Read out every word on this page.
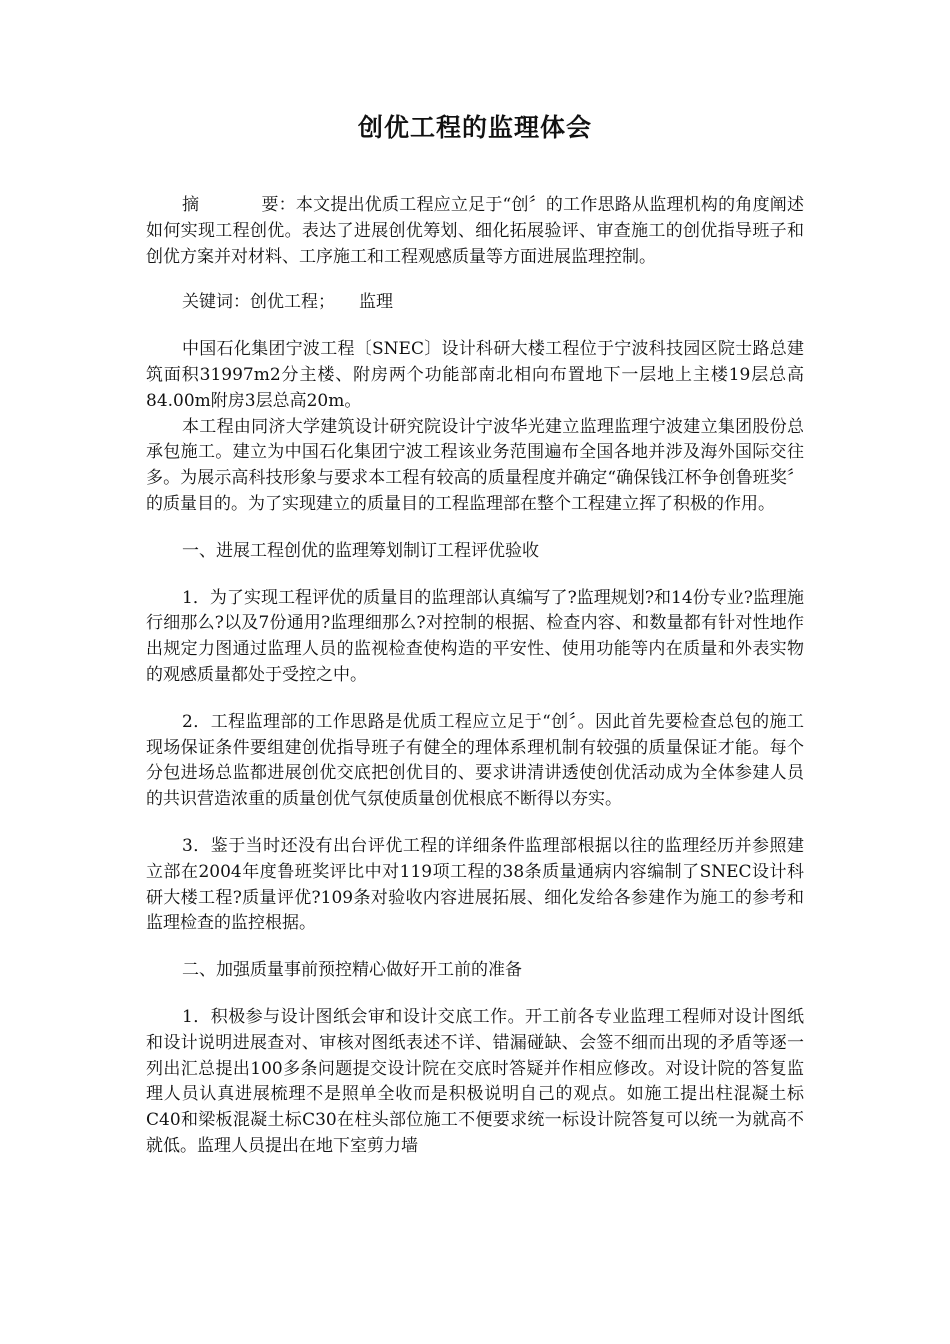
创优工程的监理体会

摘	要：本文提出优质工程应立足于“创〞的工作思路从监理机构的角度阐述如何实现工程创优。表达了进展创优筹划、细化拓展验评、审查施工的创优指导班子和创优方案并对材料、工序施工和工程观感质量等方面进展监理控制。

关键词：创优工程； 监理

中国石化集团宁波工程〔SNEC〕设计科研大楼工程位于宁波科技园区院士路总建筑面积31997m2分主楼、附房两个功能部南北相向布置地下一层地上主楼19层总高84.00m附房3层总高20m。

本工程由同济大学建筑设计研究院设计宁波华光建立监理监理宁波建立集团股份总承包施工。建立为中国石化集团宁波工程该业务范围遍布全国各地并涉及海外国际交往多。为展示高科技形象与要求本工程有较高的质量程度并确定“确保钱江杯争创鲁班奖〞的质量目的。为了实现建立的质量目的工程监理部在整个工程建立挥了积极的作用。

一、进展工程创优的监理筹划制订工程评优验收

1．为了实现工程评优的质量目的监理部认真编写了?监理规划?和14份专业?监理施行细那么?以及7份通用?监理细那么?对控制的根据、检查内容、和数量都有针对性地作出规定力图通过监理人员的监视检查使构造的平安性、使用功能等内在质量和外表实物的观感质量都处于受控之中。

2．工程监理部的工作思路是优质工程应立足于“创〞。因此首先要检查总包的施工现场保证条件要组建创优指导班子有健全的理体系理机制有较强的质量保证才能。每个分包进场总监都进展创优交底把创优目的、要求讲清讲透使创优活动成为全体参建人员的共识营造浓重的质量创优气氛使质量创优根底不断得以夯实。

3．鉴于当时还没有出台评优工程的详细条件监理部根据以往的监理经历并参照建立部在2004年度鲁班奖评比中对119项工程的38条质量通病内容编制了SNEC设计科研大楼工程?质量评优?109条对验收内容进展拓展、细化发给各参建作为施工的参考和监理检查的监控根据。

二、加强质量事前预控精心做好开工前的准备

1．积极参与设计图纸会审和设计交底工作。开工前各专业监理工程师对设计图纸和设计说明进展查对、审核对图纸表述不详、错漏碰缺、会签不细而出现的矛盾等逐一列出汇总提出100多条问题提交设计院在交底时答疑并作相应修改。对设计院的答复监理人员认真进展梳理不是照单全收而是积极说明自己的观点。如施工提出柱混凝土标C40和梁板混凝土标C30在柱头部位施工不便要求统一标设计院答复可以统一为就高不就低。监理人员提出在地下室剪力墙
